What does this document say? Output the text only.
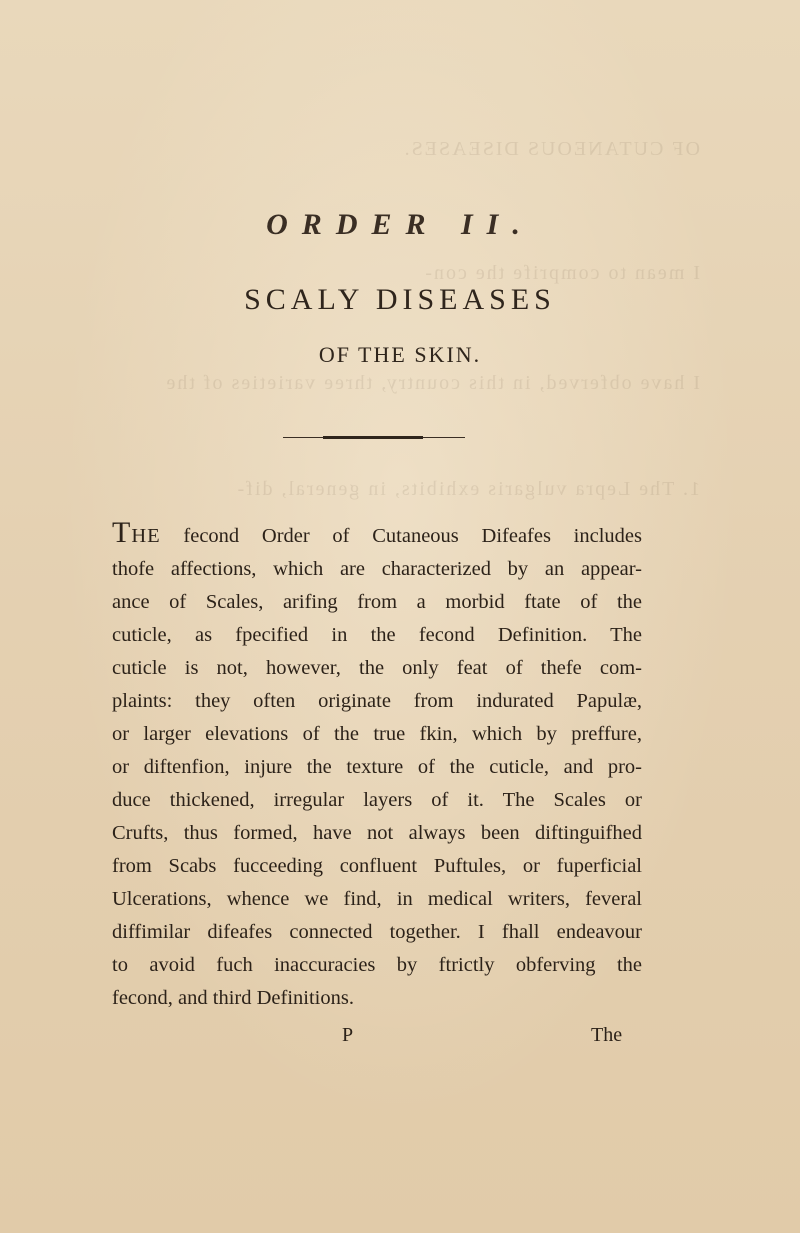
OF CUTANEOUS DISEASES.
I mean to comprife the con-
I have obferved, in this country, three varieties of the
1. The Lepra vulgaris exhibits, in general, dif-
ORDER II.
SCALY DISEASES
OF THE SKIN.
THE fecond Order of Cutaneous Difeafes includes
thofe affections, which are characterized by an appear-
ance of Scales, arifing from a morbid ftate of the
cuticle, as fpecified in the fecond Definition. The
cuticle is not, however, the only feat of thefe com-
plaints: they often originate from indurated Papulæ,
or larger elevations of the true fkin, which by preffure,
or diftenfion, injure the texture of the cuticle, and pro-
duce thickened, irregular layers of it. The Scales or
Crufts, thus formed, have not always been diftinguifhed
from Scabs fucceeding confluent Puftules, or fuperficial
Ulcerations, whence we find, in medical writers, feveral
diffimilar difeafes connected together. I fhall endeavour
to avoid fuch inaccuracies by ftrictly obferving the
fecond, and third Definitions.
P	The
